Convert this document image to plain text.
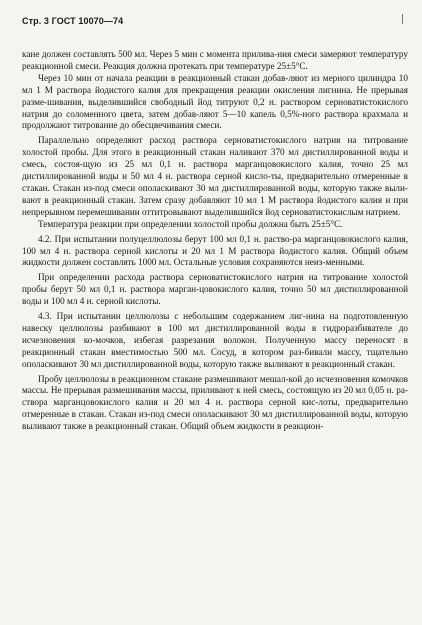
Стр. 3 ГОСТ 10070—74

кане должен составлять 500 мл. Через 5 мин с момента прилива-ния смеси замеряют температуру реакционной смеси. Реакция должна протекать при температуре 25±5°C.

Через 10 мин от начала реакции в реакционный стакан добав-ляют из мерного цилиндра 10 мл 1 М раствора йодистого калия для прекращения реакции окисления лигнина. Не прерывая разме-шивания, выделившийся свободный йод титруют 0,2 н. раствором серноватистокислого натрия до соломенного цвета, затем добав-ляют 5—10 капель 0,5%-ного раствора крахмала и продолжают титрование до обесцвечивания смеси.

Параллельно определяют расход раствора серноватистокислого натрия на титрование холостой пробы. Для этого в реакционный стакан наливают 370 мл дистиллированной воды и смесь, состоя-щую из 25 мл 0,1 н. раствора марганцовокислого калия, точно 25 мл дистиллированной воды и 50 мл 4 н. раствора серной кисло-ты, предварительно отмеренные в стакан. Стакан из-под смеси ополаскивают 30 мл дистиллированной воды, которую также выли-вают в реакционный стакан. Затем сразу добавляют 10 мл 1 М раствора йодистого калия и при непрерывном перемешивании оттитровывают выделившийся йод серноватистокислым натрием.

Температура реакции при определении холостой пробы должна быть 25±5°C.

4.2. При испытании полуцеллюлозы берут 100 мл 0,1 н. раство-ра марганцовокислого калия, 100 мл 4 н. раствора серной кислоты и 20 мл 1 М раствора йодистого калия. Общий объем жидкости должен составлять 1000 мл. Остальные условия сохраняются неиз-менными.

При определении расхода раствора серноватистокислого натрия на титрование холостой пробы берут 50 мл 0,1 н. раствора марган-цовокислого калия, точно 50 мл дистиллированной воды и 100 мл 4 н. серной кислоты.

4.3. При испытании целлюлозы с небольшим содержанием лиг-нина на подготовленную навеску целлюлозы разбивают в 100 мл дистиллированной воды в гидроразбивателе до исчезновения ко-мочков, избегая разрезания волокон. Полученную массу переносят в реакционный стакан вместимостью 500 мл. Сосуд, в котором раз-бивали массу, тщательно ополаскивают 30 мл дистиллированной воды, которую также выливают в реакционный стакан.

Пробу целлюлозы в реакционном стакане размешивают мешал-кой до исчезновения комочков массы. Не прерывая размешивания массы, приливают к ней смесь, состоящую из 20 мл 0,05 н. ра-створа марганцовокислого калия и 20 мл 4 н. раствора серной кис-лоты, предварительно отмеренные в стакан. Стакан из-под смеси ополаскивают 30 мл дистиллированной воды, которую выливают также в реакционный стакан. Общий объем жидкости в реакцион-
